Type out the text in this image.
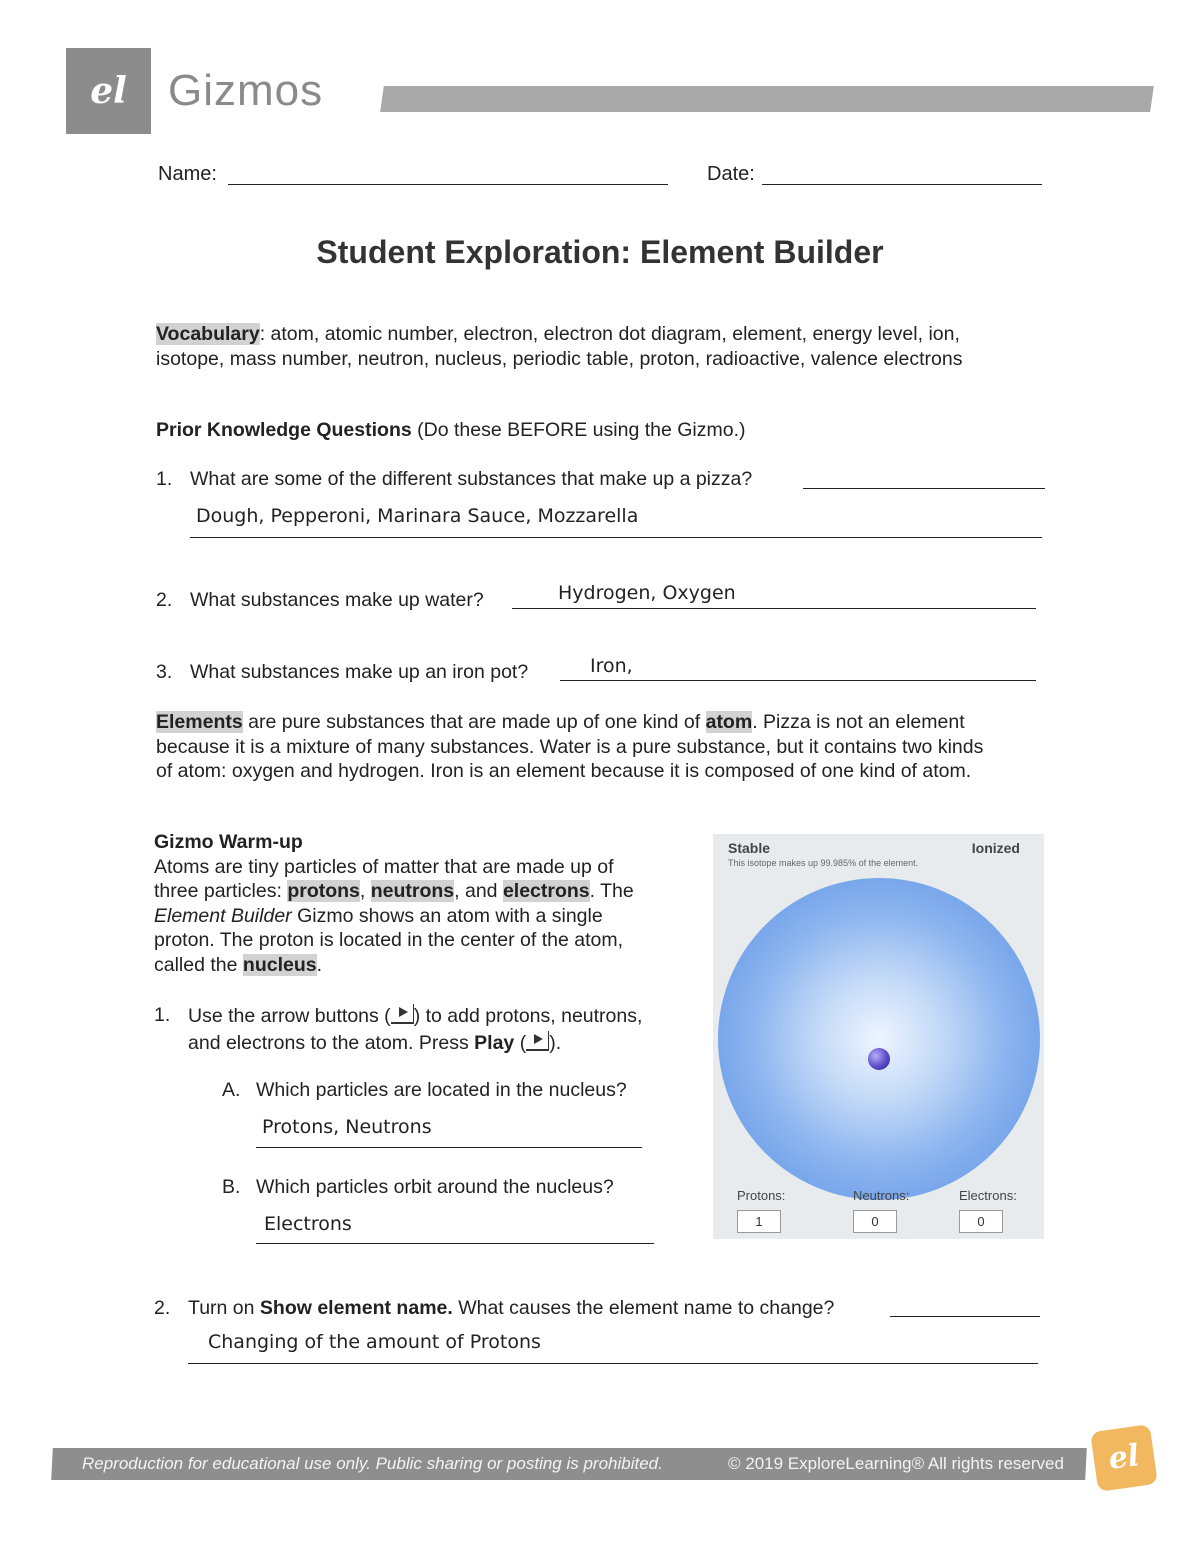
el Gizmos
Name:	Date:
Student Exploration: Element Builder
Vocabulary: atom, atomic number, electron, electron dot diagram, element, energy level, ion,
isotope, mass number, neutron, nucleus, periodic table, proton, radioactive, valence electrons
Prior Knowledge Questions (Do these BEFORE using the Gizmo.)
1. What are some of the different substances that make up a pizza?
Dough, Pepperoni, Marinara Sauce, Mozzarella
2. What substances make up water?	Hydrogen, Oxygen
3. What substances make up an iron pot?	Iron,
Elements are pure substances that are made up of one kind of atom. Pizza is not an element
because it is a mixture of many substances. Water is a pure substance, but it contains two kinds
of atom: oxygen and hydrogen. Iron is an element because it is composed of one kind of atom.
Gizmo Warm-up
Atoms are tiny particles of matter that are made up of
three particles: protons, neutrons, and electrons. The
Element Builder Gizmo shows an atom with a single
proton. The proton is located in the center of the atom,
called the nucleus.
1. Use the arrow buttons ( ) to add protons, neutrons,
and electrons to the atom. Press Play ( ).
A. Which particles are located in the nucleus?
Protons, Neutrons
B. Which particles orbit around the nucleus?
Electrons
Stable	Ionized
This isotope makes up 99.985% of the element.
Protons:
1
Neutrons:
0
Electrons:
0
2. Turn on Show element name. What causes the element name to change?
Changing of the amount of Protons
Reproduction for educational use only. Public sharing or posting is prohibited.	© 2019 ExploreLearning® All rights reserved	el
